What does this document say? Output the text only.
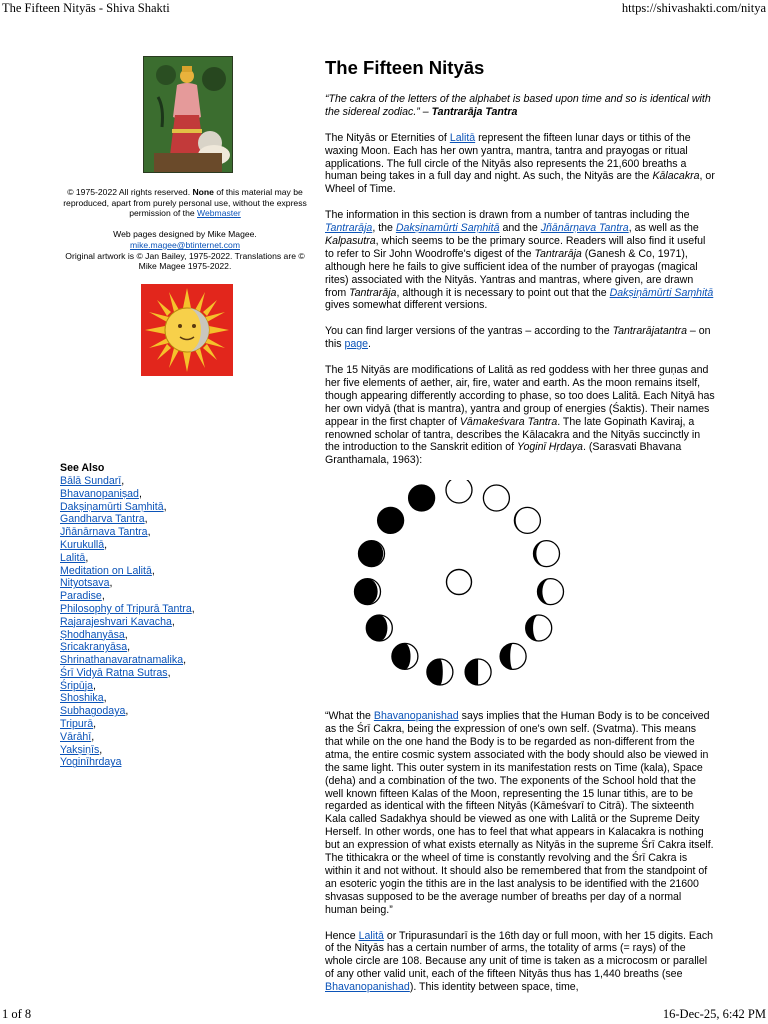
The Fifteen Nityās - Shiva Shakti	https://shivashakti.com/nitya

© 1975-2022 All rights reserved. None of this material may be reproduced, apart from purely personal use, without the express permission of the Webmaster

Web pages designed by Mike Magee.

mike.magee@btinternet.com

Original artwork is © Jan Bailey, 1975-2022. Translations are © Mike Magee 1975-2022.

See Also
Bālā Sundarī,
Bhavanopaniṣad,
Dakṣiṇamūrti Saṃhitā,
Gandharva Tantra,
Jñānārṇava Tantra,
Kurukullā,
Lalitā,
Meditation on Lalitā,
Nityotsava,
Paradise,
Philosophy of Tripurā Tantra,
Rajarajeshvari Kavacha,
Ṣhodhanyāsa,
Ṣricakranyāsa,
Shrinathanavaratnamalika,
Śrī Vidyā Ratna Sutras,
Śripūja,
Shoshika,
Subhagodaya,
Tripurā,
Vārāhī,
Yakṣiṇīs,
Yoginīhṛdaya
The Fifteen Nityās

“The cakra of the letters of the alphabet is based upon time and so is identical with the sidereal zodiac.” – Tantrarāja Tantra

The Nityās or Eternities of Lalitā represent the fifteen lunar days or tithis of the waxing Moon. Each has her own yantra, mantra, tantra and prayogas or ritual applications. The full circle of the Nityās also represents the 21,600 breaths a human being takes in a full day and night. As such, the Nityās are the Kālacakra, or Wheel of Time.

The information in this section is drawn from a number of tantras including the Tantrarāja, the Dakṣinamūrti Saṃhitā and the Jñānārṇava Tantra, as well as the Kalpasutra, which seems to be the primary source. Readers will also find it useful to refer to Sir John Woodroffe's digest of the Tantrarāja (Ganesh & Co, 1971), although here he fails to give sufficient idea of the number of prayogas (magical rites) associated with the Nityās. Yantras and mantras, where given, are drawn from Tantrarāja, although it is necessary to point out that the Dakṣiṇāmūrti Saṃhitā gives somewhat different versions.

You can find larger versions of the yantras – according to the Tantrarājatantra – on this page.

The 15 Nityās are modifications of Lalitā as red goddess with her three guṇas and her five elements of aether, air, fire, water and earth. As the moon remains itself, though appearing differently according to phase, so too does Lalitā. Each Nityā has her own vidyā (that is mantra), yantra and group of energies (Śaktis). Their names appear in the first chapter of Vāmakeśvara Tantra. The late Gopinath Kaviraj, a renowned scholar of tantra, describes the Kālacakra and the Nityās succinctly in the introduction to the Sanskrit edition of Yoginī Hṛdaya. (Sarasvati Bhavana Granthamala, 1963):

“What the Bhavanopanishad says implies that the Human Body is to be conceived as the Śrī Cakra, being the expression of one's own self. (Svatma). This means that while on the one hand the Body is to be regarded as non-different from the atma, the entire cosmic system associated with the body should also be viewed in the same light. This outer system in its manifestation rests on Time (kala), Space (deha) and a combination of the two. The exponents of the School hold that the well known fifteen Kalas of the Moon, representing the 15 lunar tithis, are to be regarded as identical with the fifteen Nityās (Kāmeśvarī to Citrā). The sixteenth Kala called Sadakhya should be viewed as one with Lalitā or the Supreme Deity Herself. In other words, one has to feel that what appears in Kalacakra is nothing but an expression of what exists eternally as Nityās in the supreme Śrī Cakra itself. The tithicakra or the wheel of time is constantly revolving and the Śrī Cakra is within it and not without. It should also be remembered that from the standpoint of an esoteric yogin the tithis are in the last analysis to be identified with the 21600 shvasas supposed to be the average number of breaths per day of a normal human being.”

Hence Lalitā or Tripurasundarī is the 16th day or full moon, with her 15 digits. Each of the Nityās has a certain number of arms, the totality of arms (= rays) of the whole circle are 108. Because any unit of time is taken as a microcosm or parallel of any other valid unit, each of the fifteen Nityās thus has 1,440 breaths (see Bhavanopanishad). This identity between space, time,

1 of 8	16-Dec-25, 6:42 PM
